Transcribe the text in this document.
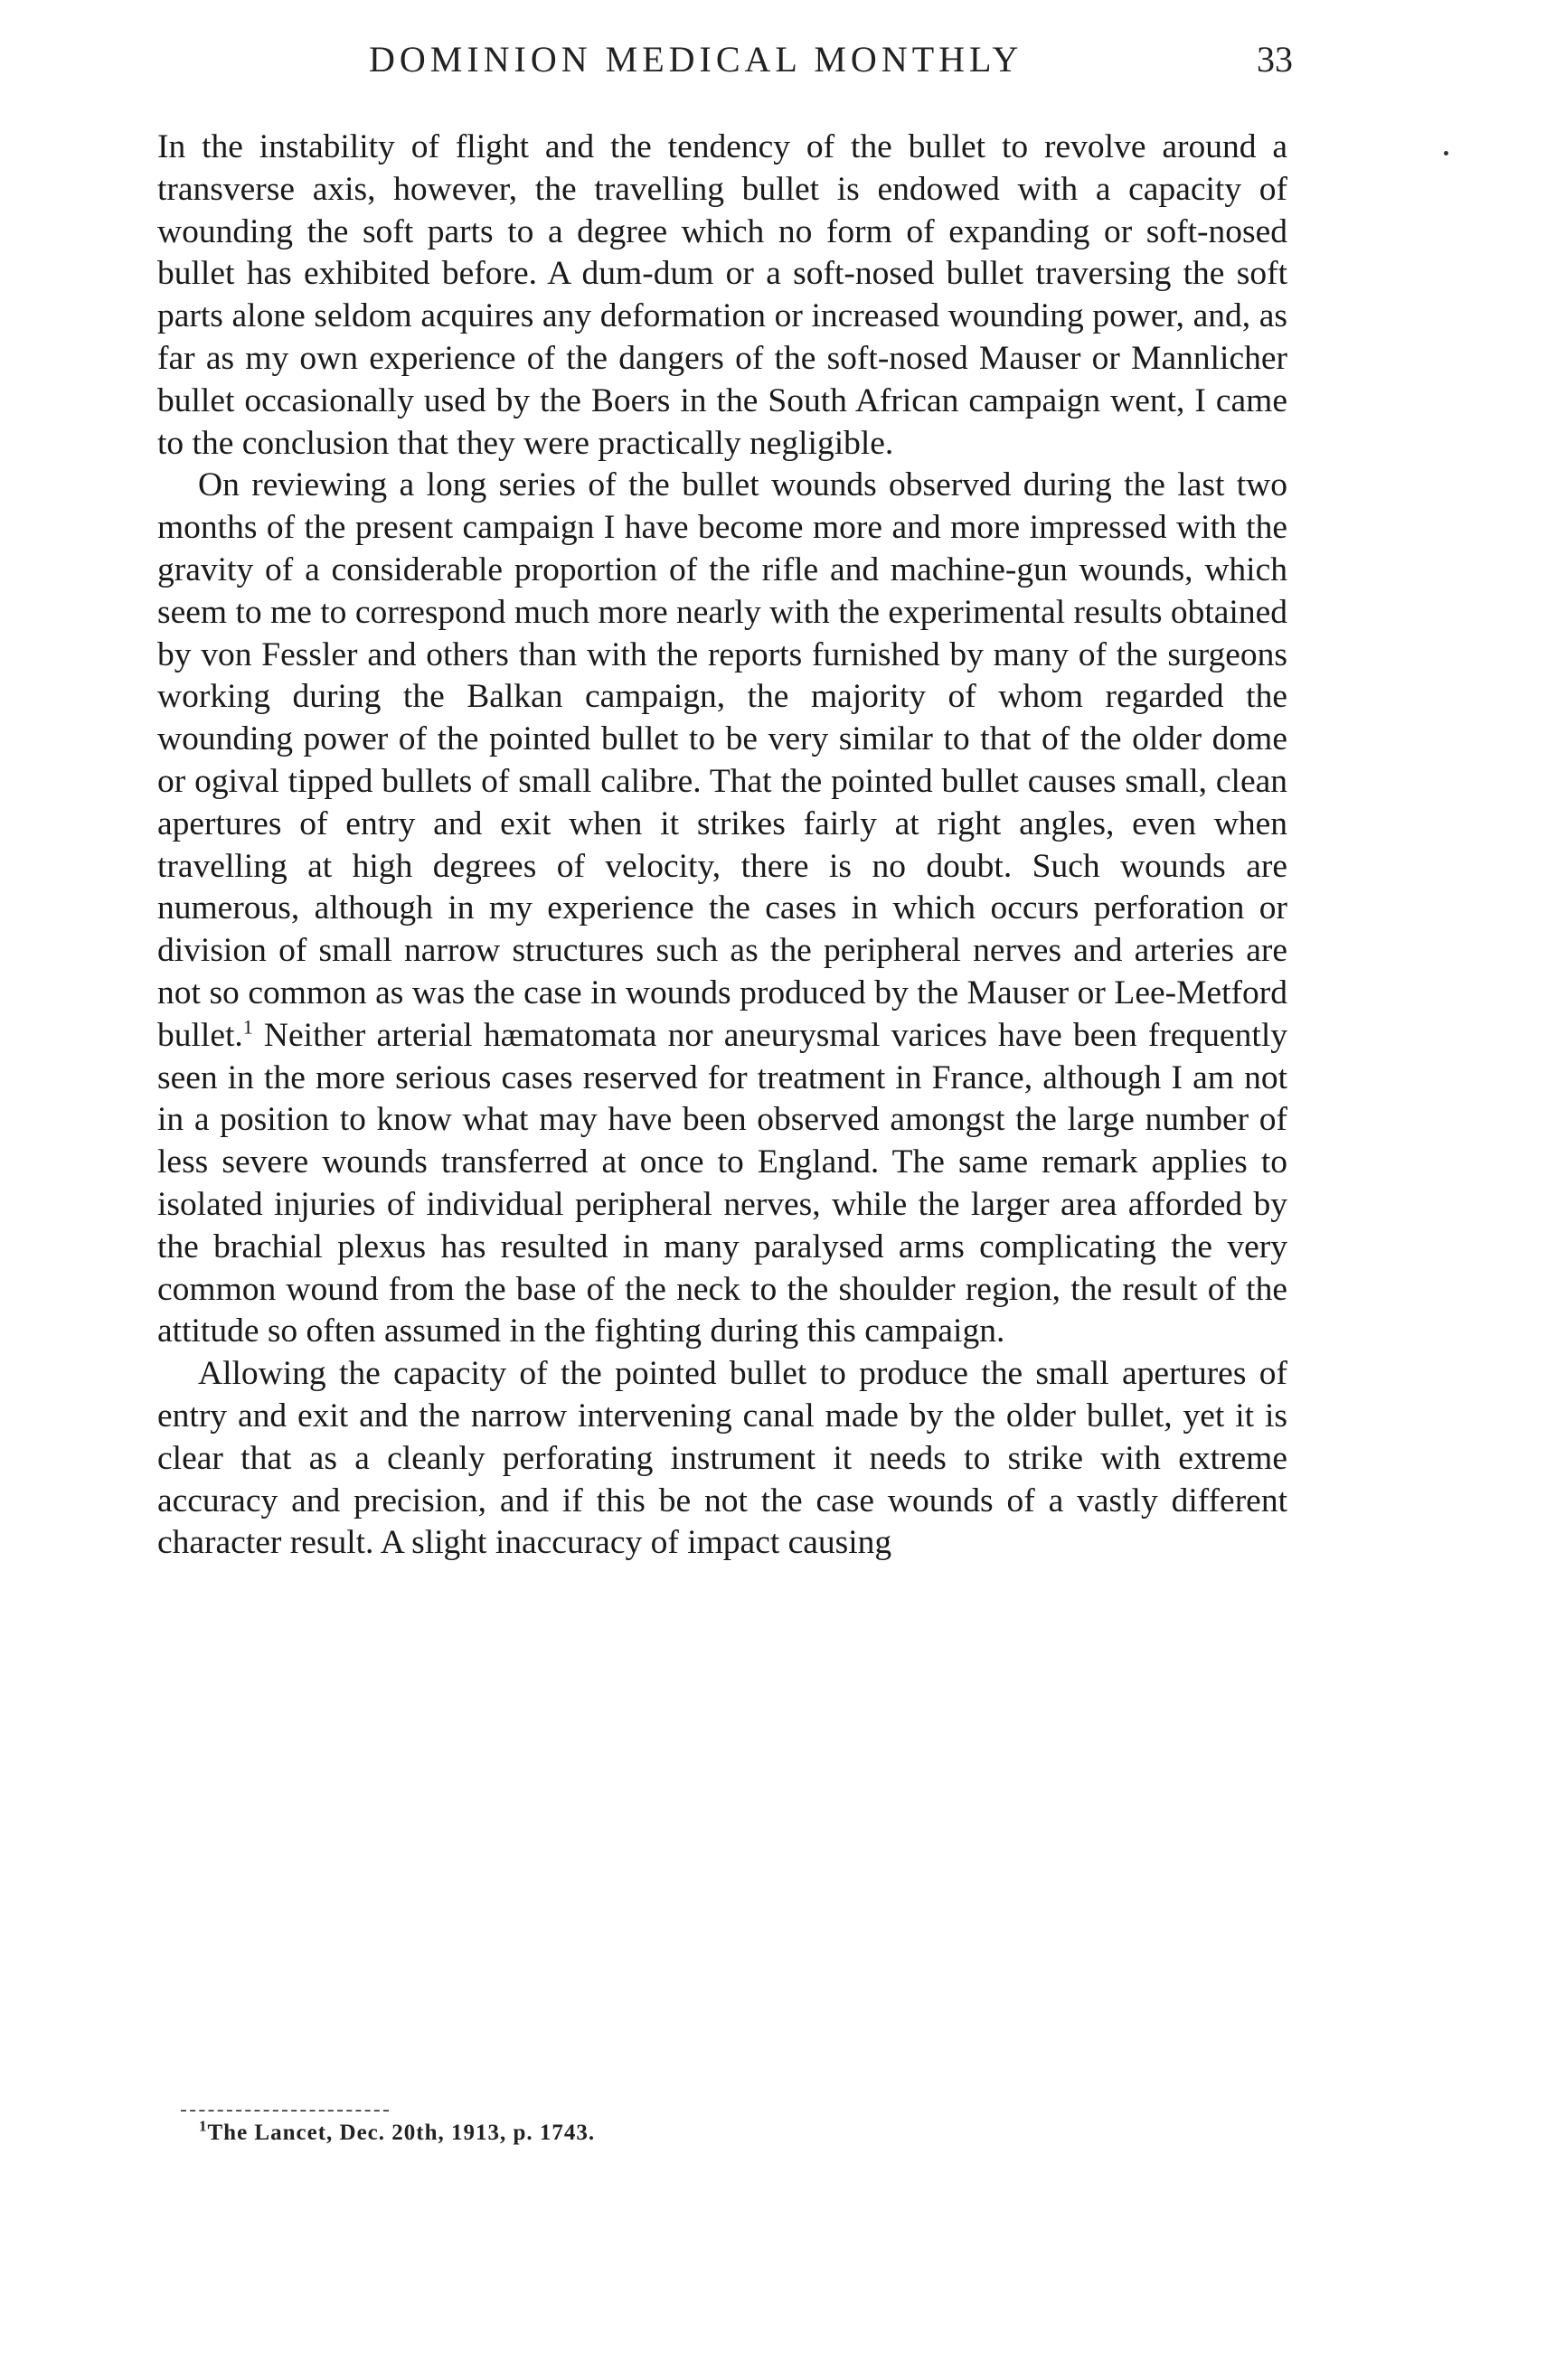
DOMINION MEDICAL MONTHLY	33

In the instability of flight and the tendency of the bullet to revolve around a transverse axis, however, the travelling bullet is endowed with a capacity of wounding the soft parts to a degree which no form of expanding or soft-nosed bullet has exhibited before. A dum-dum or a soft-nosed bullet traversing the soft parts alone seldom acquires any deformation or increased wounding power, and, as far as my own experience of the dangers of the soft-nosed Mauser or Mannlicher bullet occasionally used by the Boers in the South African campaign went, I came to the conclusion that they were practically negligible.

On reviewing a long series of the bullet wounds observed during the last two months of the present campaign I have become more and more impressed with the gravity of a considerable proportion of the rifle and machine-gun wounds, which seem to me to correspond much more nearly with the experimental results obtained by von Fessler and others than with the reports furnished by many of the surgeons working during the Balkan campaign, the majority of whom regarded the wounding power of the pointed bullet to be very similar to that of the older dome or ogival tipped bullets of small calibre. That the pointed bullet causes small, clean apertures of entry and exit when it strikes fairly at right angles, even when travelling at high degrees of velocity, there is no doubt. Such wounds are numerous, although in my experience the cases in which occurs perforation or division of small narrow structures such as the peripheral nerves and arteries are not so common as was the case in wounds produced by the Mauser or Lee-Metford bullet.$^1$ Neither arterial hæmatomata nor aneurysmal varices have been frequently seen in the more serious cases reserved for treatment in France, although I am not in a position to know what may have been observed amongst the large number of less severe wounds transferred at once to England. The same remark applies to isolated injuries of individual peripheral nerves, while the larger area afforded by the brachial plexus has resulted in many paralysed arms complicating the very common wound from the base of the neck to the shoulder region, the result of the attitude so often assumed in the fighting during this campaign.

Allowing the capacity of the pointed bullet to produce the small apertures of entry and exit and the narrow intervening canal made by the older bullet, yet it is clear that as a cleanly perforating instrument it needs to strike with extreme accuracy and precision, and if this be not the case wounds of a vastly different character result. A slight inaccuracy of impact causing

$^1$The Lancet, Dec. 20th, 1913, p. 1743.
